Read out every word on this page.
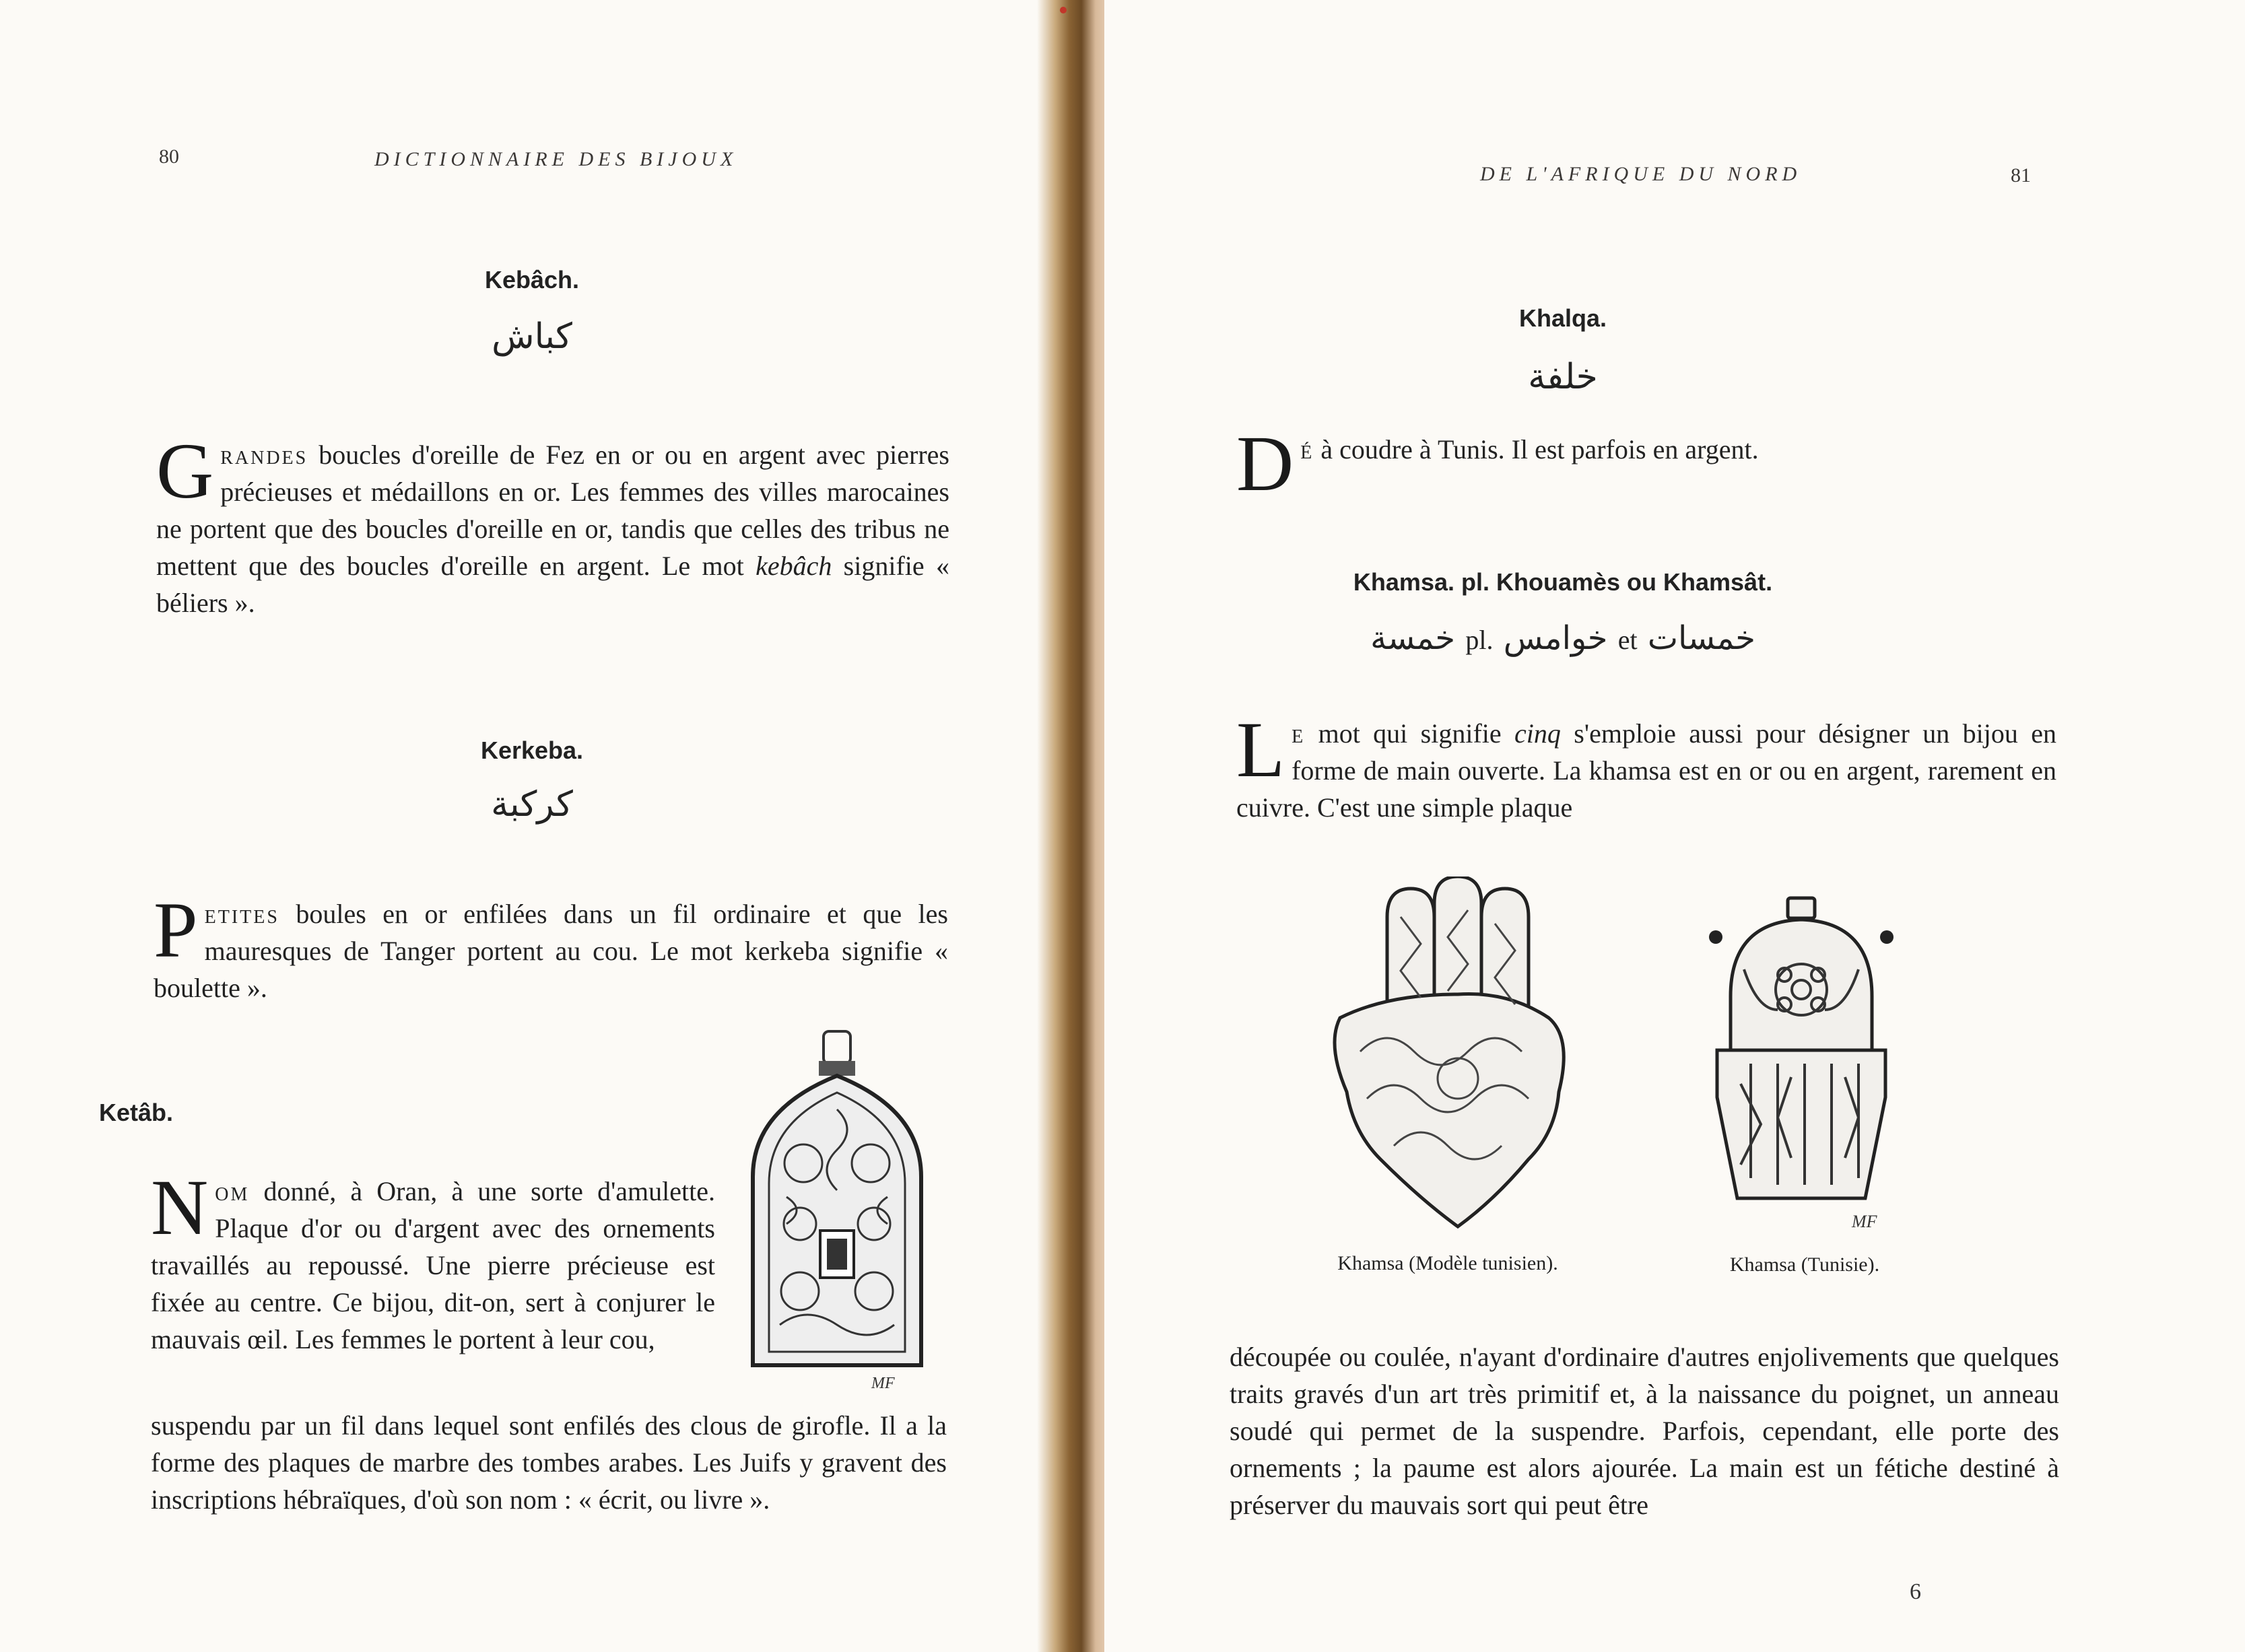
80	DICTIONNAIRE DES BIJOUX
Kebâch.
كباش
Grandes boucles d'oreille de Fez en or ou en argent avec pierres précieuses et médaillons en or. Les femmes des villes marocaines ne portent que des boucles d'oreille en or, tandis que celles des tribus ne mettent que des boucles d'oreille en argent. Le mot kebâch signifie « béliers ».
Kerkeba.
كركبة
Petites boules en or enfilées dans un fil ordinaire et que les mauresques de Tanger portent au cou. Le mot kerkeba signifie « boulette ».
Ketâb.
Nom donné, à Oran, à une sorte d'amulette. Plaque d'or ou d'argent avec des ornements travaillés au repoussé. Une pierre précieuse est fixée au centre. Ce bijou, dit-on, sert à conjurer le mauvais œil. Les femmes le portent à leur cou,
suspendu par un fil dans lequel sont enfilés des clous de girofle. Il a la forme des plaques de marbre des tombes arabes. Les Juifs y gravent des inscriptions hébraïques, d'où son nom : « écrit, ou livre ».
MF
DE L'AFRIQUE DU NORD	81
Khalqa.
خلفة
Dé à coudre à Tunis. Il est parfois en argent.
Khamsa. pl. Khouamès ou Khamsât.
خمسة pl. خوامس et خمسات
Le mot qui signifie cinq s'emploie aussi pour désigner un bijou en forme de main ouverte. La khamsa est en or ou en argent, rarement en cuivre. C'est une simple plaque
Khamsa (Modèle tunisien).
MF
Khamsa (Tunisie).
découpée ou coulée, n'ayant d'ordinaire d'autres enjolivements que quelques traits gravés d'un art très primitif et, à la naissance du poignet, un anneau soudé qui permet de la suspendre. Parfois, cependant, elle porte des ornements ; la paume est alors ajourée. La main est un fétiche destiné à préserver du mauvais sort qui peut être
6
